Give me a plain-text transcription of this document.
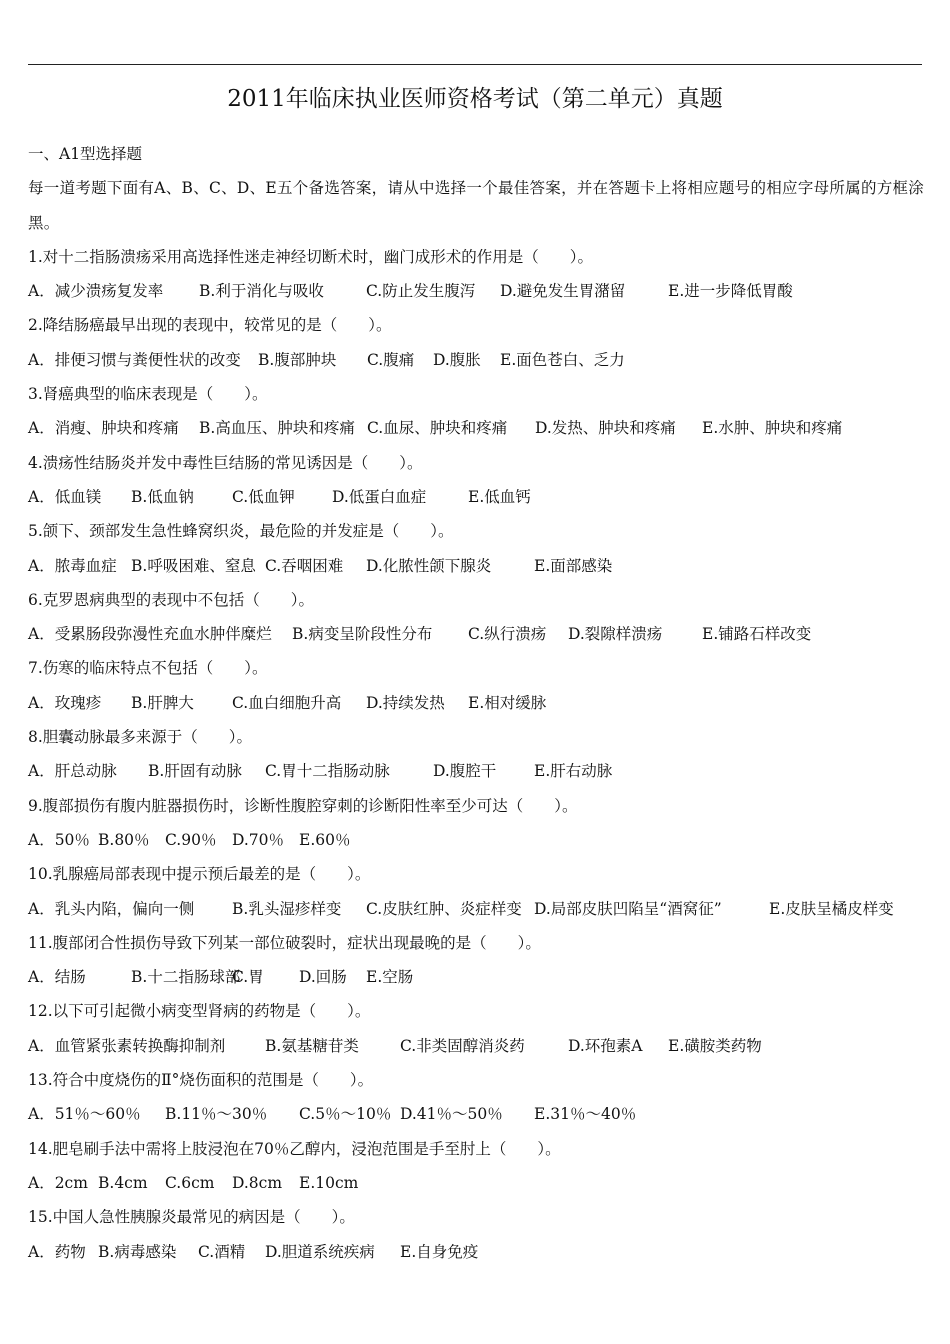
2011年临床执业医师资格考试（第二单元）真题
一、A1型选择题
每一道考题下面有A、B、C、D、E五个备选答案，请从中选择一个最佳答案，并在答题卡上将相应题号的相应字母所属的方框涂黑。
1.对十二指肠溃疡采用高选择性迷走神经切断术时，幽门成形术的作用是（　　）。
A．减少溃疡复发率 B.利于消化与吸收	C.防止发生腹泻 D.避免发生胃潴留	E.进一步降低胃酸
2.降结肠癌最早出现的表现中，较常见的是（　　）。
A．排便习惯与粪便性状的改变 B.腹部肿块 C.腹痛 D.腹胀 E.面色苍白、乏力
3.肾癌典型的临床表现是（　　）。
A．消瘦、肿块和疼痛 B.高血压、肿块和疼痛 C.血尿、肿块和疼痛 D.发热、肿块和疼痛 E.水肿、肿块和疼痛
4.溃疡性结肠炎并发中毒性巨结肠的常见诱因是（　　）。
A．低血镁 B.低血钠 C.低血钾 D.低蛋白血症	E.低血钙
5.颌下、颈部发生急性蜂窝织炎，最危险的并发症是（　　）。
A．脓毒血症 B.呼吸困难、窒息 C.吞咽困难 D.化脓性颌下腺炎	E.面部感染
6.克罗恩病典型的表现中不包括（　　）。
A．受累肠段弥漫性充血水肿伴糜烂 B.病变呈阶段性分布 C.纵行溃疡 D.裂隙样溃疡	E.铺路石样改变
7.伤寒的临床特点不包括（　　）。
A．玫瑰疹 B.肝脾大 C.血白细胞升高 D.持续发热 E.相对缓脉
8.胆囊动脉最多来源于（　　）。
A．肝总动脉 B.肝固有动脉 C.胃十二指肠动脉	D.腹腔干 E.肝右动脉
9.腹部损伤有腹内脏器损伤时，诊断性腹腔穿刺的诊断阳性率至少可达（　　）。
A．50％ B.80％ C.90％ D.70％ E.60％
10.乳腺癌局部表现中提示预后最差的是（　　）。
A．乳头内陷，偏向一侧 B.乳头湿疹样变 C.皮肤红肿、炎症样变 D.局部皮肤凹陷呈“酒窝征”	E.皮肤呈橘皮样变
11.腹部闭合性损伤导致下列某一部位破裂时，症状出现最晚的是（　　）。
A．结肠	B.十二指肠球部
C.胃 D.回肠 E.空肠
12.以下可引起微小病变型肾病的药物是（　　）。
A．血管紧张素转换酶抑制剂	B.氨基糖苷类	C.非类固醇消炎药	D.环孢素A E.磺胺类药物
13.符合中度烧伤的Ⅱ°烧伤面积的范围是（　　）。
A．51％～60％ B.11％～30％ C.5％～10％ D.41％～50％ E.31％～40％
14.肥皂刷手法中需将上肢浸泡在70％乙醇内，浸泡范围是手至肘上（　　）。
A．2cm B.4cm C.6cm D.8cm E.10cm
15.中国人急性胰腺炎最常见的病因是（　　）。
A．药物 B.病毒感染 C.酒精 D.胆道系统疾病 E.自身免疫
